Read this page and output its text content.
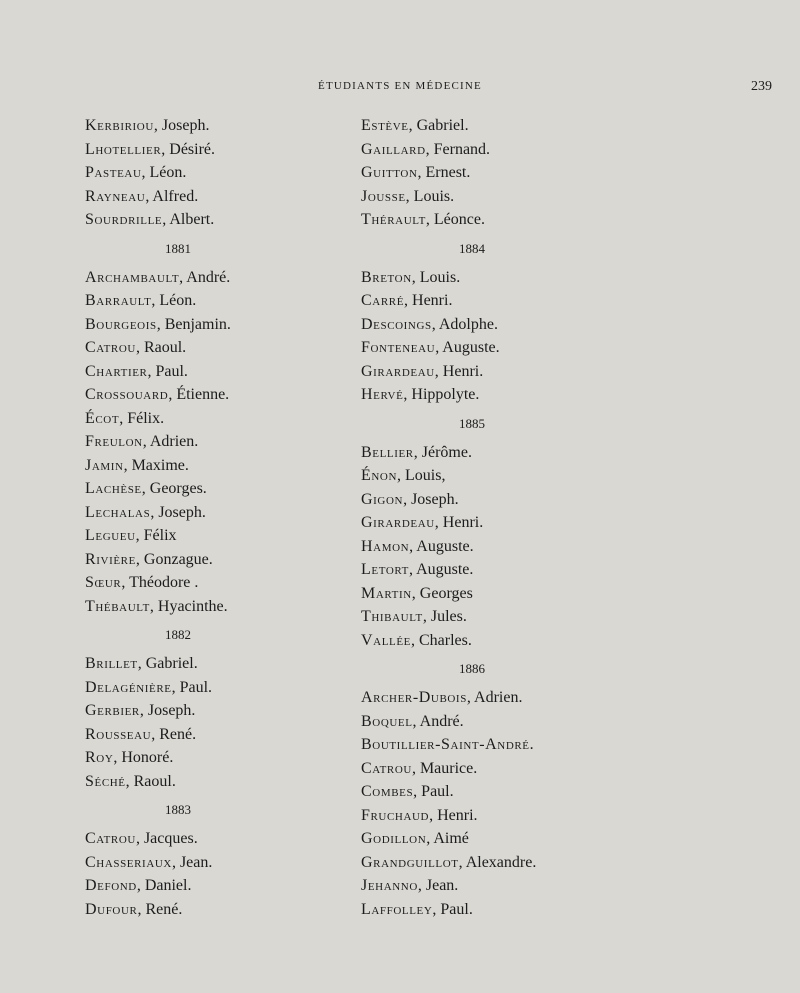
ÉTUDIANTS EN MÉDECINE	239
Kerbiriou, Joseph.
Lhotellier, Désiré.
Pasteau, Léon.
Rayneau, Alfred.
Sourdrille, Albert.
1881
Archambault, André.
Barrault, Léon.
Bourgeois, Benjamin.
Catrou, Raoul.
Chartier, Paul.
Crossouard, Étienne.
Écot, Félix.
Freulon, Adrien.
Jamin, Maxime.
Lachèse, Georges.
Lechalas, Joseph.
Legueu, Félix
Rivière, Gonzague.
Sœur, Théodore .
Thébault, Hyacinthe.
1882
Brillet, Gabriel.
Delagénière, Paul.
Gerbier, Joseph.
Rousseau, René.
Roy, Honoré.
Séché, Raoul.
1883
Catrou, Jacques.
Chasseriaux, Jean.
Defond, Daniel.
Dufour, René.
Estève, Gabriel.
Gaillard, Fernand.
Guitton, Ernest.
Jousse, Louis.
Thérault, Léonce.
1884
Breton, Louis.
Carré, Henri.
Descoings, Adolphe.
Fonteneau, Auguste.
Girardeau, Henri.
Hervé, Hippolyte.
1885
Bellier, Jérôme.
Énon, Louis,
Gigon, Joseph.
Girardeau, Henri.
Hamon, Auguste.
Letort, Auguste.
Martin, Georges
Thibault, Jules.
Vallée, Charles.
1886
Archer-Dubois, Adrien.
Boquel, André.
Boutillier-Saint-André.
Catrou, Maurice.
Combes, Paul.
Fruchaud, Henri.
Godillon, Aimé
Grandguillot, Alexandre.
Jehanno, Jean.
Laffolley, Paul.
